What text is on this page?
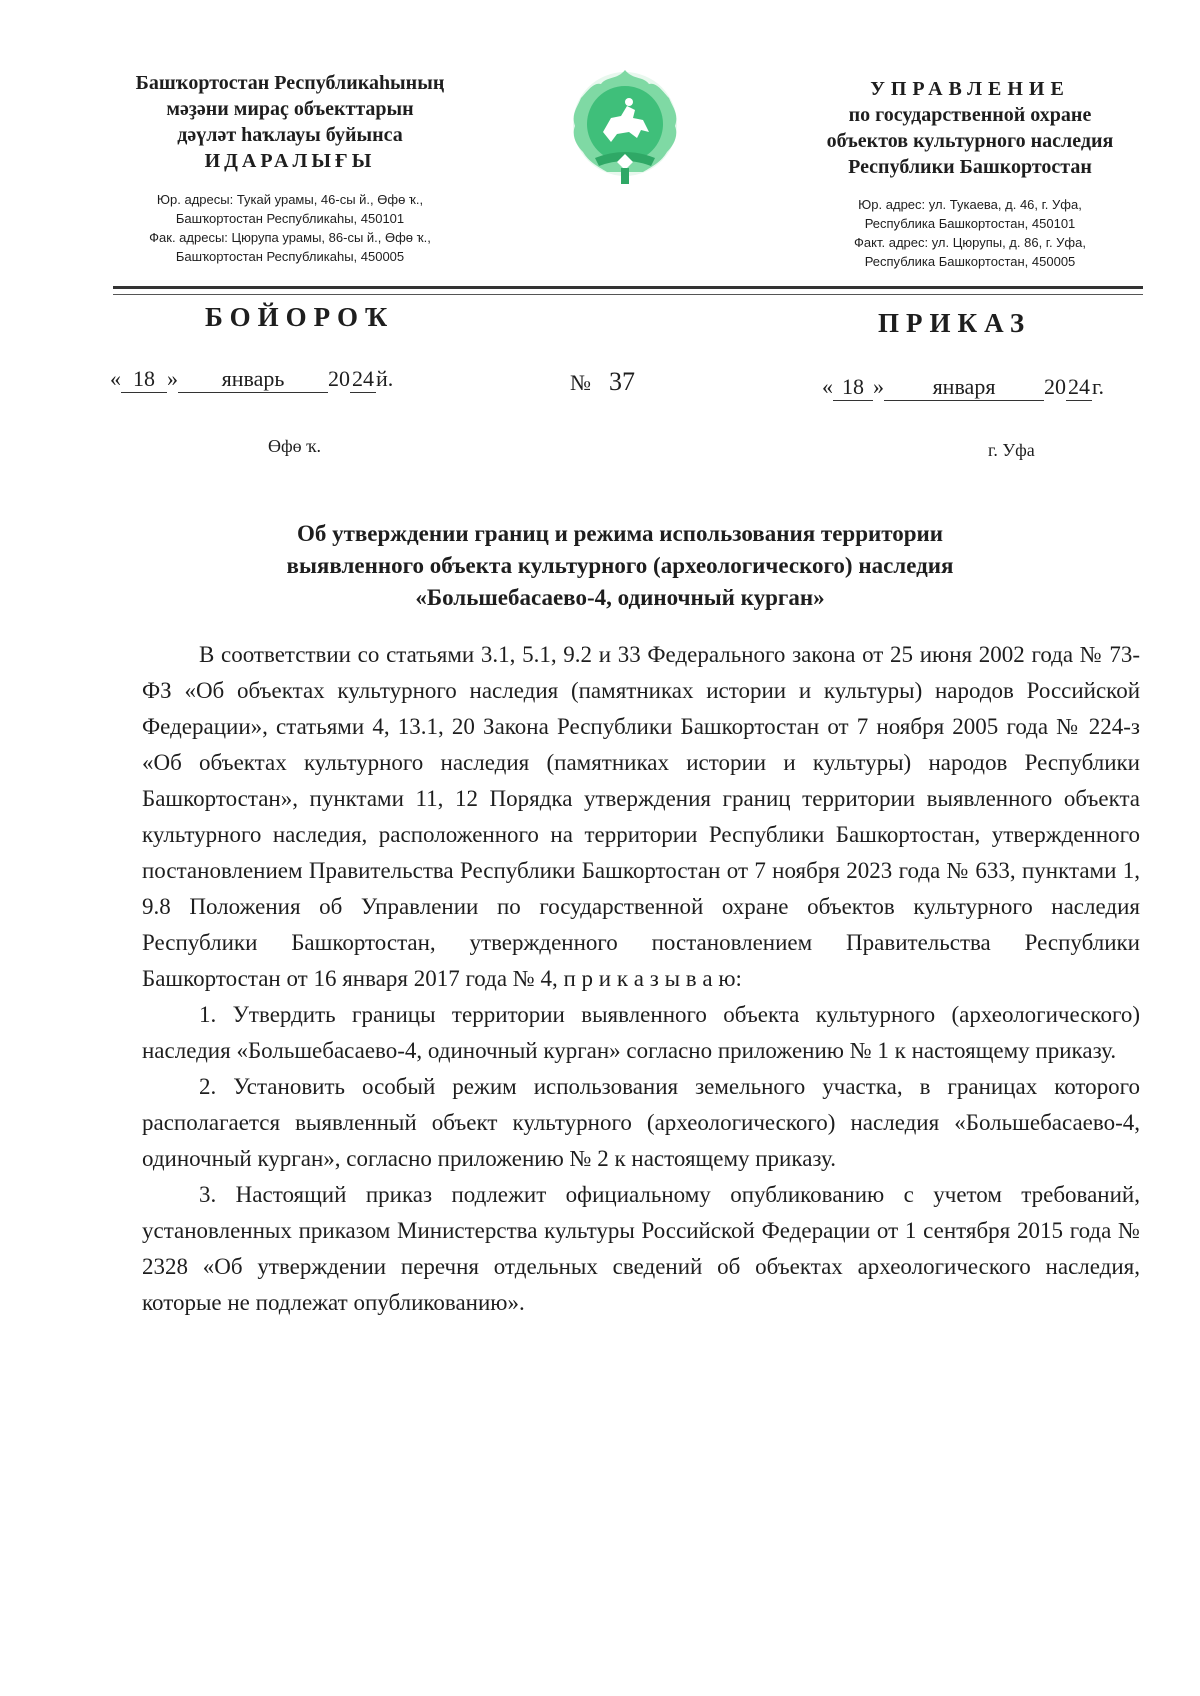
Башҡортостан Республикаһының
мәҙәни мираҫ объекттарын
дәүләт һаҡлауы буйынса
ИДАРАЛЫҒЫ
Юр. адресы: Тукай урамы, 46-сы й., Өфө ҡ.,
Башҡортостан Республикаһы, 450101
Фак. адресы: Цюрупа урамы, 86-сы й., Өфө ҡ.,
Башҡортостан Республикаһы, 450005
УПРАВЛЕНИЕ
по государственной охране
объектов культурного наследия
Республики Башкортостан
Юр. адрес: ул. Тукаева, д. 46, г. Уфа,
Республика Башкортостан, 450101
Факт. адрес: ул. Цюрупы, д. 86, г. Уфа,
Республика Башкортостан, 450005
БОЙОРОҠ	ПРИКАЗ
« 18 » январь 2024й.	№ 37	« 18 » января 2024г.
Өфө ҡ.	г. Уфа
Об утверждении границ и режима использования территории
выявленного объекта культурного (археологического) наследия
«Большебасаево-4, одиночный курган»

В соответствии со статьями 3.1, 5.1, 9.2 и 33 Федерального закона от 25 июня 2002 года № 73-ФЗ «Об объектах культурного наследия (памятниках истории и культуры) народов Российской Федерации», статьями 4, 13.1, 20 Закона Республики Башкортостан от 7 ноября 2005 года № 224-з «Об объектах культурного наследия (памятниках истории и культуры) народов Республики Башкортостан», пунктами 11, 12 Порядка утверждения границ территории выявленного объекта культурного наследия, расположенного на территории Республики Башкортостан, утвержденного постановлением Правительства Республики Башкортостан от 7 ноября 2023 года № 633, пунктами 1, 9.8 Положения об Управлении по государственной охране объектов культурного наследия Республики Башкортостан, утвержденного постановлением Правительства Республики Башкортостан от 16 января 2017 года № 4, п р и к а з ы в а ю:

1. Утвердить границы территории выявленного объекта культурного (археологического) наследия «Большебасаево-4, одиночный курган» согласно приложению № 1 к настоящему приказу.

2. Установить особый режим использования земельного участка, в границах которого располагается выявленный объект культурного (археологического) наследия «Большебасаево-4, одиночный курган», согласно приложению № 2 к настоящему приказу.

3. Настоящий приказ подлежит официальному опубликованию с учетом требований, установленных приказом Министерства культуры Российской Федерации от 1 сентября 2015 года № 2328 «Об утверждении перечня отдельных сведений об объектах археологического наследия, которые не подлежат опубликованию».
